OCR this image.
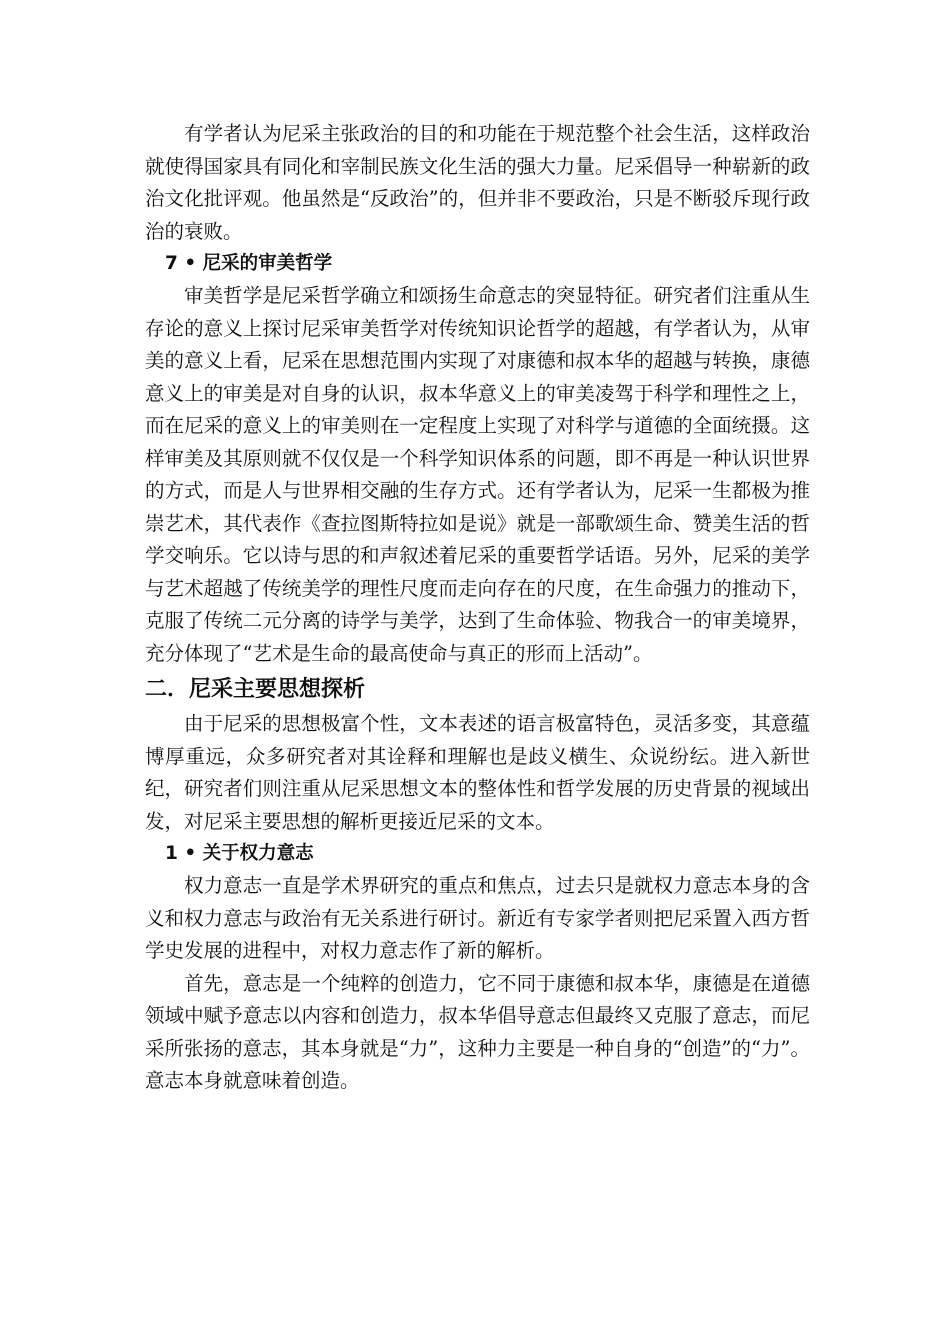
有学者认为尼采主张政治的目的和功能在于规范整个社会生活，这样政治就使得国家具有同化和宰制民族文化生活的强大力量。尼采倡导一种崭新的政治文化批评观。他虽然是“反政治”的，但并非不要政治，只是不断驳斥现行政治的衰败。

7 • 尼采的审美哲学

审美哲学是尼采哲学确立和颂扬生命意志的突显特征。研究者们注重从生存论的意义上探讨尼采审美哲学对传统知识论哲学的超越，有学者认为，从审美的意义上看，尼采在思想范围内实现了对康德和叔本华的超越与转换，康德意义上的审美是对自身的认识，叔本华意义上的审美凌驾于科学和理性之上，而在尼采的意义上的审美则在一定程度上实现了对科学与道德的全面统摄。这样审美及其原则就不仅仅是一个科学知识体系的问题，即不再是一种认识世界的方式，而是人与世界相交融的生存方式。还有学者认为，尼采一生都极为推崇艺术，其代表作《查拉图斯特拉如是说》就是一部歌颂生命、赞美生活的哲学交响乐。它以诗与思的和声叙述着尼采的重要哲学话语。另外，尼采的美学与艺术超越了传统美学的理性尺度而走向存在的尺度，在生命强力的推动下，克服了传统二元分离的诗学与美学，达到了生命体验、物我合一的审美境界，充分体现了“艺术是生命的最高使命与真正的形而上活动”。

二．尼采主要思想探析

由于尼采的思想极富个性，文本表述的语言极富特色，灵活多变，其意蕴博厚重远，众多研究者对其诠释和理解也是歧义横生、众说纷纭。进入新世纪，研究者们则注重从尼采思想文本的整体性和哲学发展的历史背景的视域出发，对尼采主要思想的解析更接近尼采的文本。

1 • 关于权力意志

权力意志一直是学术界研究的重点和焦点，过去只是就权力意志本身的含义和权力意志与政治有无关系进行研讨。新近有专家学者则把尼采置入西方哲学史发展的进程中，对权力意志作了新的解析。

首先，意志是一个纯粹的创造力，它不同于康德和叔本华，康德是在道德领域中赋予意志以内容和创造力，叔本华倡导意志但最终又克服了意志，而尼采所张扬的意志，其本身就是“力”，这种力主要是一种自身的“创造”的“力”。意志本身就意味着创造。
